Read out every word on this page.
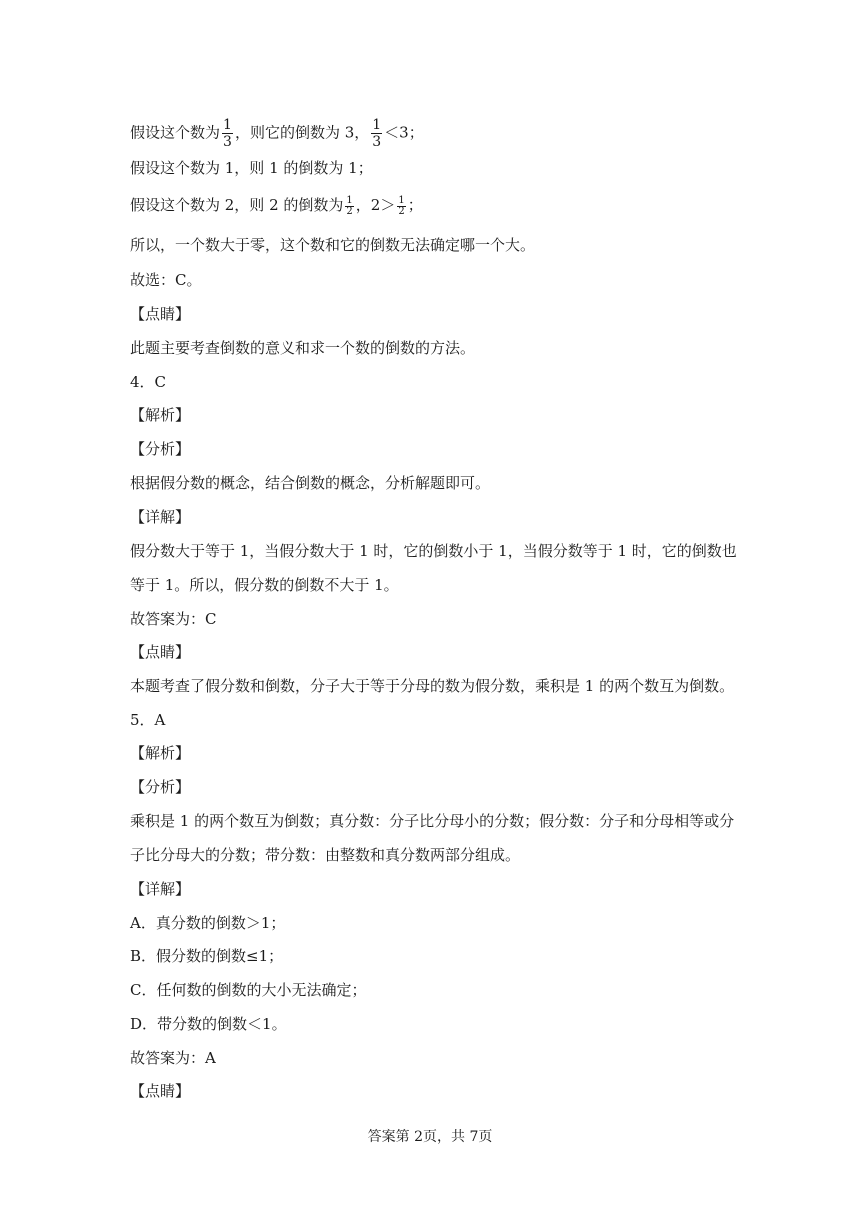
假设这个数为 $\frac{1}{3}$ ，则它的倒数为 3， $\frac{1}{3} <3$；
假设这个数为 1，则 1 的倒数为 1；
假设这个数为 2，则 2 的倒数为 $\frac{1}{2}$ ，$2> \frac{1}{2}$ ；
所以，一个数大于零，这个数和它的倒数无法确定哪一个大。
故选：C。
【点睛】
此题主要考查倒数的意义和求一个数的倒数的方法。
4．C
【解析】
【分析】
根据假分数的概念，结合倒数的概念，分析解题即可。
【详解】
假分数大于等于 1，当假分数大于 1 时，它的倒数小于 1，当假分数等于 1 时，它的倒数也
等于 1。所以，假分数的倒数不大于 1。
故答案为：C
【点睛】
本题考查了假分数和倒数，分子大于等于分母的数为假分数，乘积是 1 的两个数互为倒数。
5．A
【解析】
【分析】
乘积是 1 的两个数互为倒数；真分数：分子比分母小的分数；假分数：分子和分母相等或分
子比分母大的分数；带分数：由整数和真分数两部分组成。
【详解】
A．真分数的倒数＞1；
B．假分数的倒数≤1；
C．任何数的倒数的大小无法确定；
D．带分数的倒数＜1。
故答案为：A
【点睛】
答案第 2页，共 7页
